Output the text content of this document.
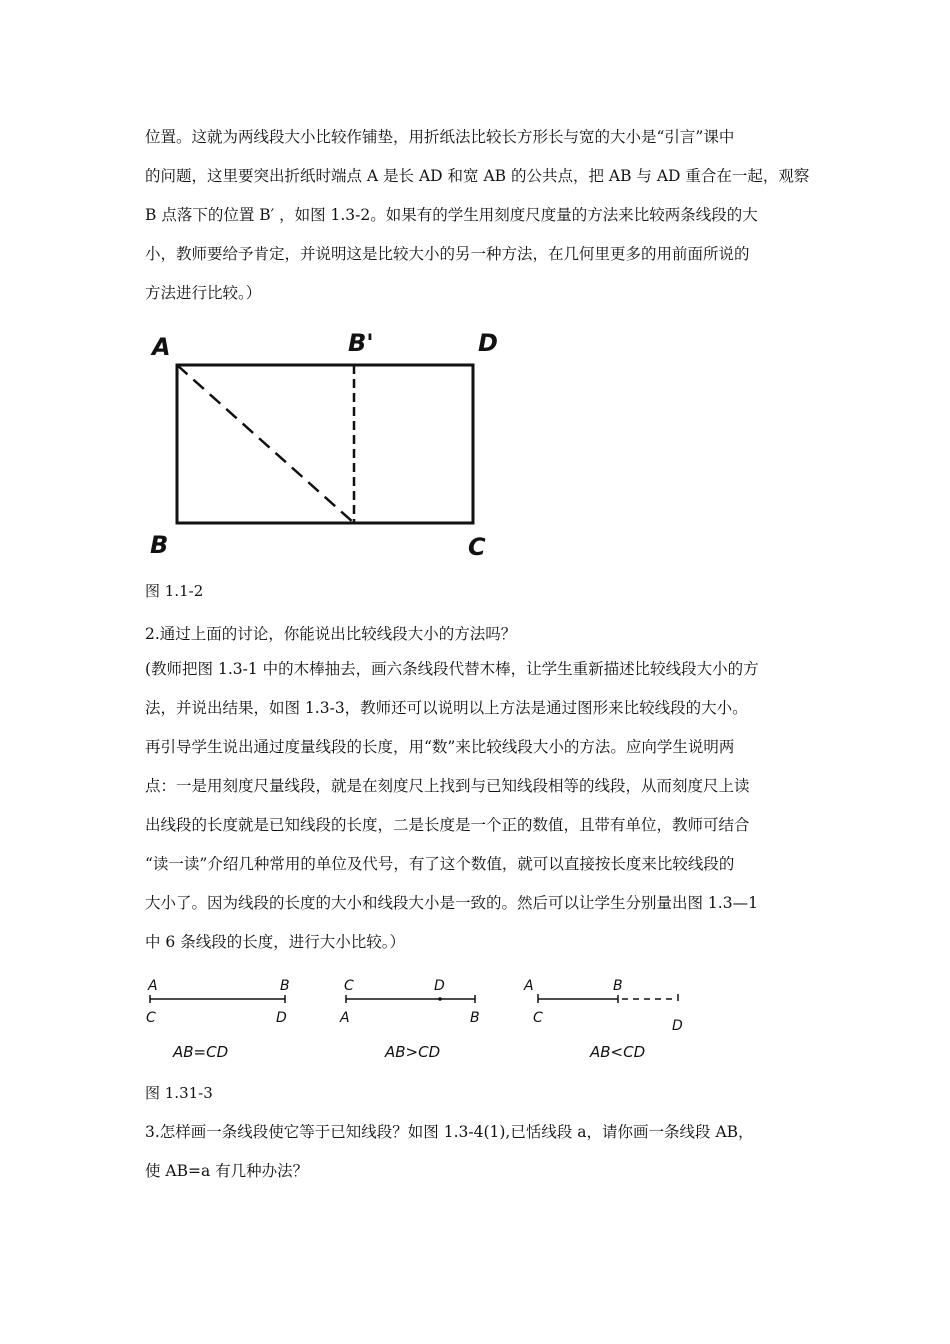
位置。这就为两线段大小比较作铺垫，用折纸法比较长方形长与宽的大小是“引言”课中
的问题，这里要突出折纸时端点 A 是长 AD 和宽 AB 的公共点，把 AB 与 AD 重合在一起，观察
B 点落下的位置 B′ ，如图 1.3-2。如果有的学生用刻度尺度量的方法来比较两条线段的大
小，教师要给予肯定，并说明这是比较大小的另一种方法，在几何里更多的用前面所说的
方法进行比较。）
A	B'	D
B	C

图 1.1-2

2.通过上面的讨论，你能说出比较线段大小的方法吗？

(教师把图 1.3-1 中的木棒抽去，画六条线段代替木棒，让学生重新描述比较线段大小的方
法，并说出结果，如图 1.3-3，教师还可以说明以上方法是通过图形来比较线段的大小。
再引导学生说出通过度量线段的长度，用“数”来比较线段大小的方法。应向学生说明两
点：一是用刻度尺量线段，就是在刻度尺上找到与已知线段相等的线段，从而刻度尺上读
出线段的长度就是已知线段的长度，二是长度是一个正的数值，且带有单位，教师可结合
“读一读”介绍几种常用的单位及代号，有了这个数值，就可以直接按长度来比较线段的
大小了。因为线段的长度的大小和线段大小是一致的。然后可以让学生分别量出图 1.3—1
中 6 条线段的长度，进行大小比较。）
A	B
C	D
AB=CD
C	D
A	B
AB>CD
A	B
C	D
AB<CD

图 1.31-3

3.怎样画一条线段使它等于已知线段？如图 1.3-4(1),已恬线段 a，请你画一条线段 AB，
使 AB=a 有几种办法？
